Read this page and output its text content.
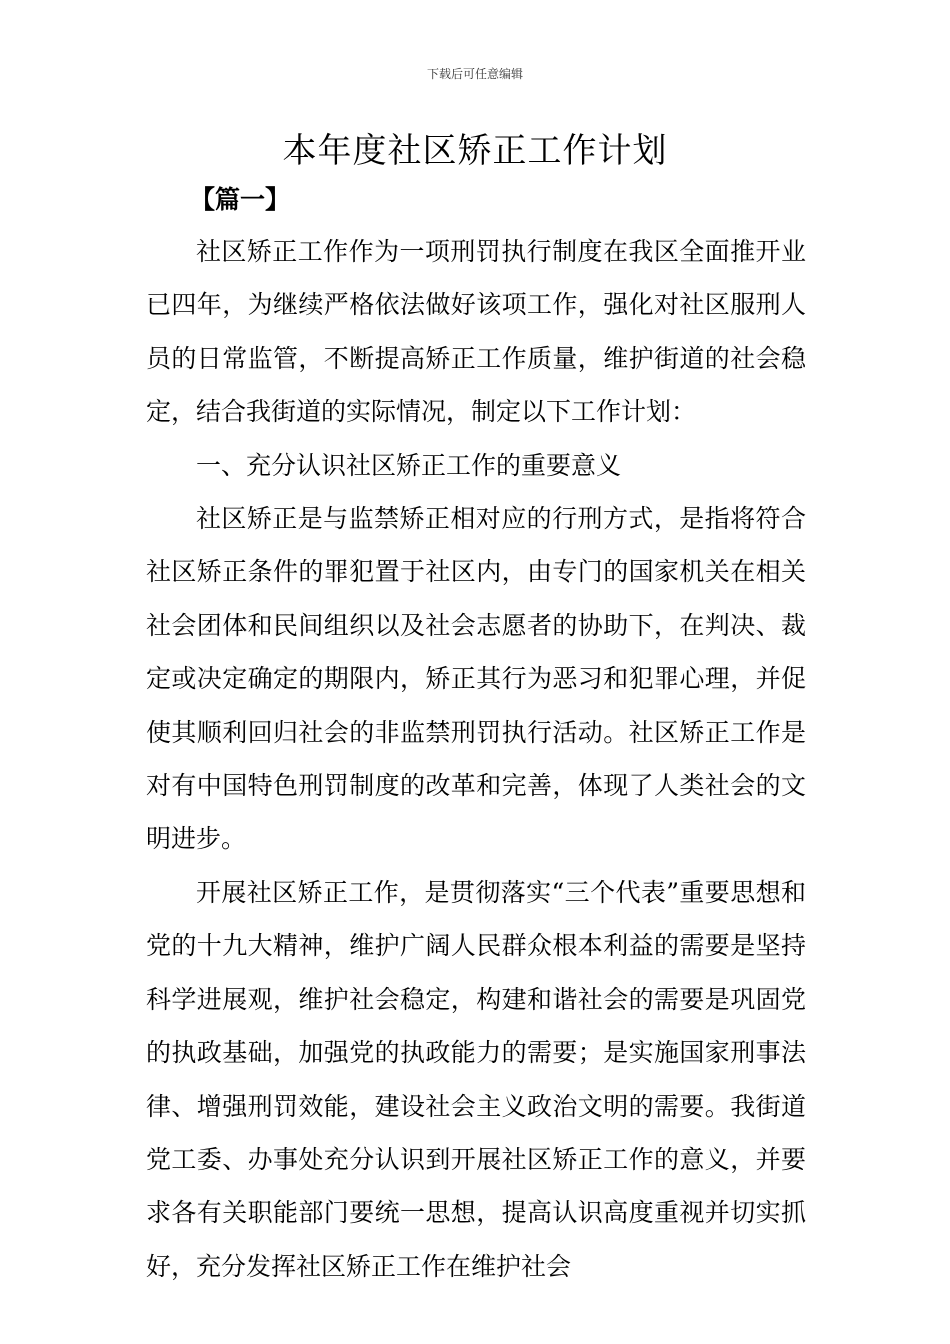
下载后可任意编辑
本年度社区矫正工作计划
【篇一】

社区矫正工作作为一项刑罚执行制度在我区全面推开业已四年，为继续严格依法做好该项工作，强化对社区服刑人员的日常监管，不断提高矫正工作质量，维护街道的社会稳定，结合我街道的实际情况，制定以下工作计划：

一、充分认识社区矫正工作的重要意义

社区矫正是与监禁矫正相对应的行刑方式，是指将符合社区矫正条件的罪犯置于社区内，由专门的国家机关在相关社会团体和民间组织以及社会志愿者的协助下，在判决、裁定或决定确定的期限内，矫正其行为恶习和犯罪心理，并促使其顺利回归社会的非监禁刑罚执行活动。社区矫正工作是对有中国特色刑罚制度的改革和完善，体现了人类社会的文明进步。

开展社区矫正工作，是贯彻落实“三个代表”重要思想和党的十九大精神，维护广阔人民群众根本利益的需要是坚持科学进展观，维护社会稳定，构建和谐社会的需要是巩固党的执政基础，加强党的执政能力的需要；是实施国家刑事法律、增强刑罚效能，建设社会主义政治文明的需要。我街道党工委、办事处充分认识到开展社区矫正工作的意义，并要求各有关职能部门要统一思想，提高认识高度重视并切实抓好，充分发挥社区矫正工作在维护社会
